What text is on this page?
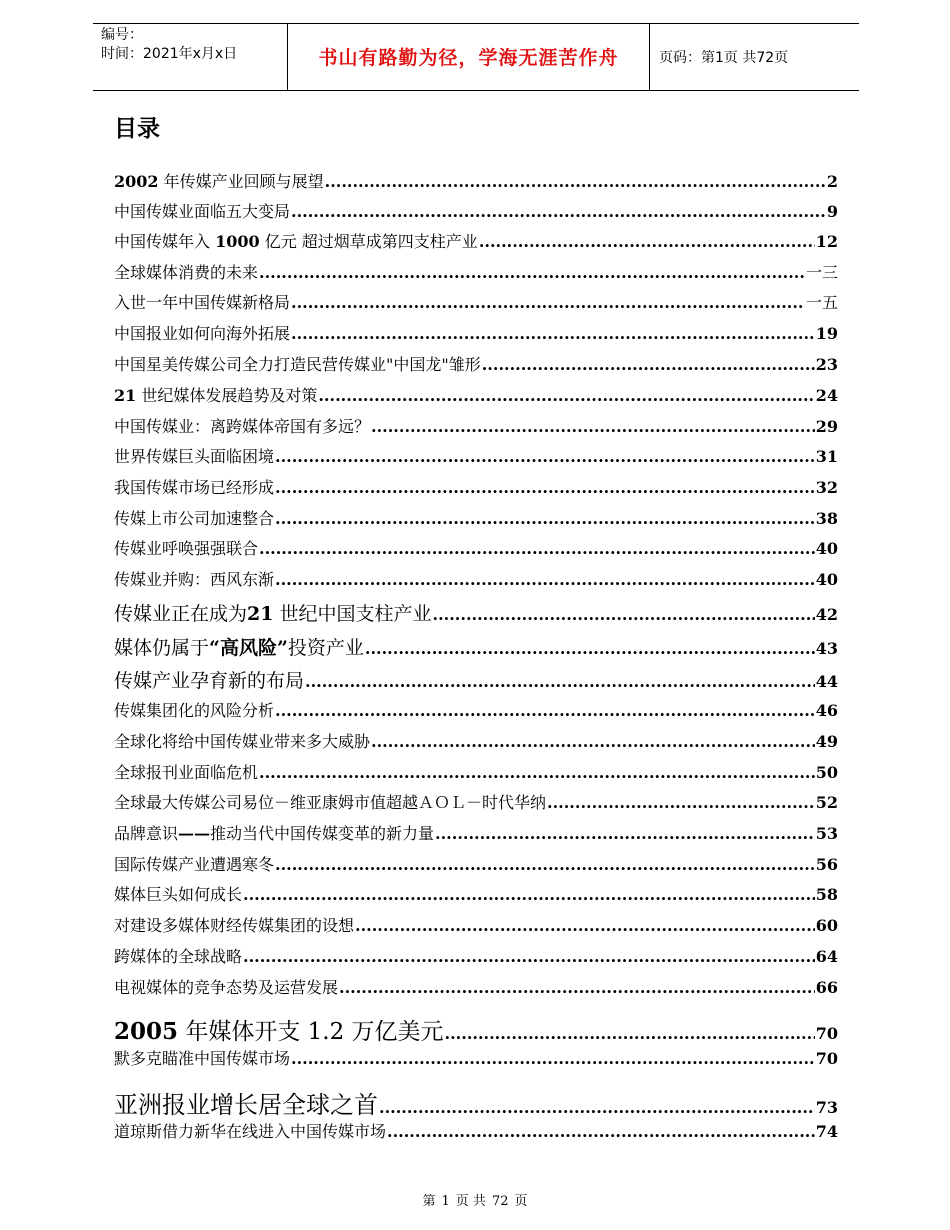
编号：
时间：2021年x月x日	书山有路勤为径，学海无涯苦作舟	页码：第1页 共72页
目录
2002 年传媒产业回顾与展望 .....	2
中国传媒业面临五大变局 .....	9
中国传媒年入 1000 亿元 超过烟草成第四支柱产业 .....	12
全球媒体消费的未来 .....	一三
入世一年中国传媒新格局 .....	一五
中国报业如何向海外拓展 .....	19
中国星美传媒公司全力打造民营传媒业"中国龙"雏形 .....	23
21 世纪媒体发展趋势及对策 .....	24
中国传媒业：离跨媒体帝国有多远？ .....	29
世界传媒巨头面临困境 .....	31
我国传媒市场已经形成 .....	32
传媒上市公司加速整合 .....	38
传媒业呼唤强强联合 .....	40
传媒业并购：西风东渐 .....	40
传媒业正在成为21 世纪中国支柱产业 .....	42
媒体仍属于“高风险”投资产业 .....	43
传媒产业孕育新的布局 .....	44
传媒集团化的风险分析 .....	46
全球化将给中国传媒业带来多大威胁 .....	49
全球报刊业面临危机 .....	50
全球最大传媒公司易位－维亚康姆市值超越ＡＯＬ－时代华纳 .....	52
品牌意识——推动当代中国传媒变革的新力量 .....	53
国际传媒产业遭遇寒冬 .....	56
媒体巨头如何成长 .....	58
对建设多媒体财经传媒集团的设想 .....	60
跨媒体的全球战略 .....	64
电视媒体的竞争态势及运营发展 .....	66
2005 年媒体开支 1.2 万亿美元 .....	70
默多克瞄准中国传媒市场 .....	70
亚洲报业增长居全球之首 .....	73
道琼斯借力新华在线进入中国传媒市场 .....	74
第 1 页 共 72 页
